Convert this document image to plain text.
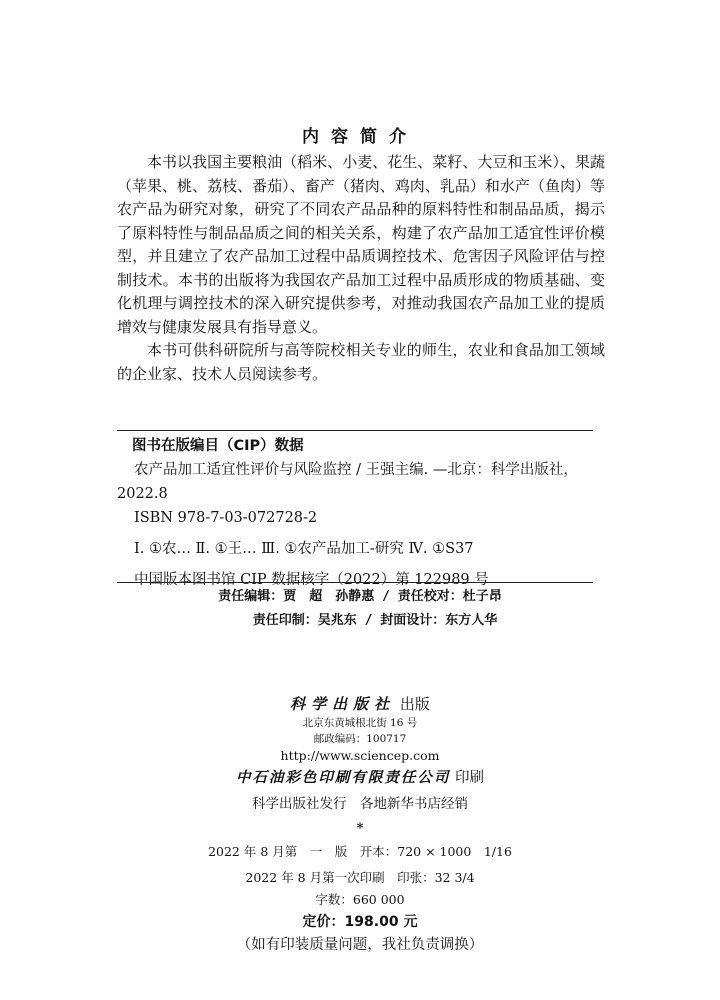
内容简介

本书以我国主要粮油（稻米、小麦、花生、菜籽、大豆和玉米）、果蔬（苹果、桃、荔枝、番茄）、畜产（猪肉、鸡肉、乳品）和水产（鱼肉）等农产品为研究对象，研究了不同农产品品种的原料特性和制品品质，揭示了原料特性与制品品质之间的相关关系，构建了农产品加工适宜性评价模型，并且建立了农产品加工过程中品质调控技术、危害因子风险评估与控制技术。本书的出版将为我国农产品加工过程中品质形成的物质基础、变化机理与调控技术的深入研究提供参考，对推动我国农产品加工业的提质增效与健康发展具有指导意义。

本书可供科研院所与高等院校相关专业的师生，农业和食品加工领域的企业家、技术人员阅读参考。

图书在版编目（CIP）数据
农产品加工适宜性评价与风险监控 / 王强主编. —北京：科学出版社，
2022.8
ISBN 978-7-03-072728-2
Ⅰ. ①农… Ⅱ. ①王… Ⅲ. ①农产品加工-研究 Ⅳ. ①S37
中国版本图书馆 CIP 数据核字（2022）第 122989 号
责任编辑：贾　超　孙静惠 / 责任校对：杜子昂
责任印制：吴兆东 / 封面设计：东方人华
科学出版社 出版
北京东黄城根北街 16 号
邮政编码：100717
http://www.sciencep.com
中石油彩色印刷有限责任公司 印刷
科学出版社发行　各地新华书店经销
*
2022 年 8 月第　一　版　开本：720 × 1000　1/16
2022 年 8 月第一次印刷　印张：32 3/4
字数：660 000
定价：198.00 元
（如有印装质量问题，我社负责调换）
